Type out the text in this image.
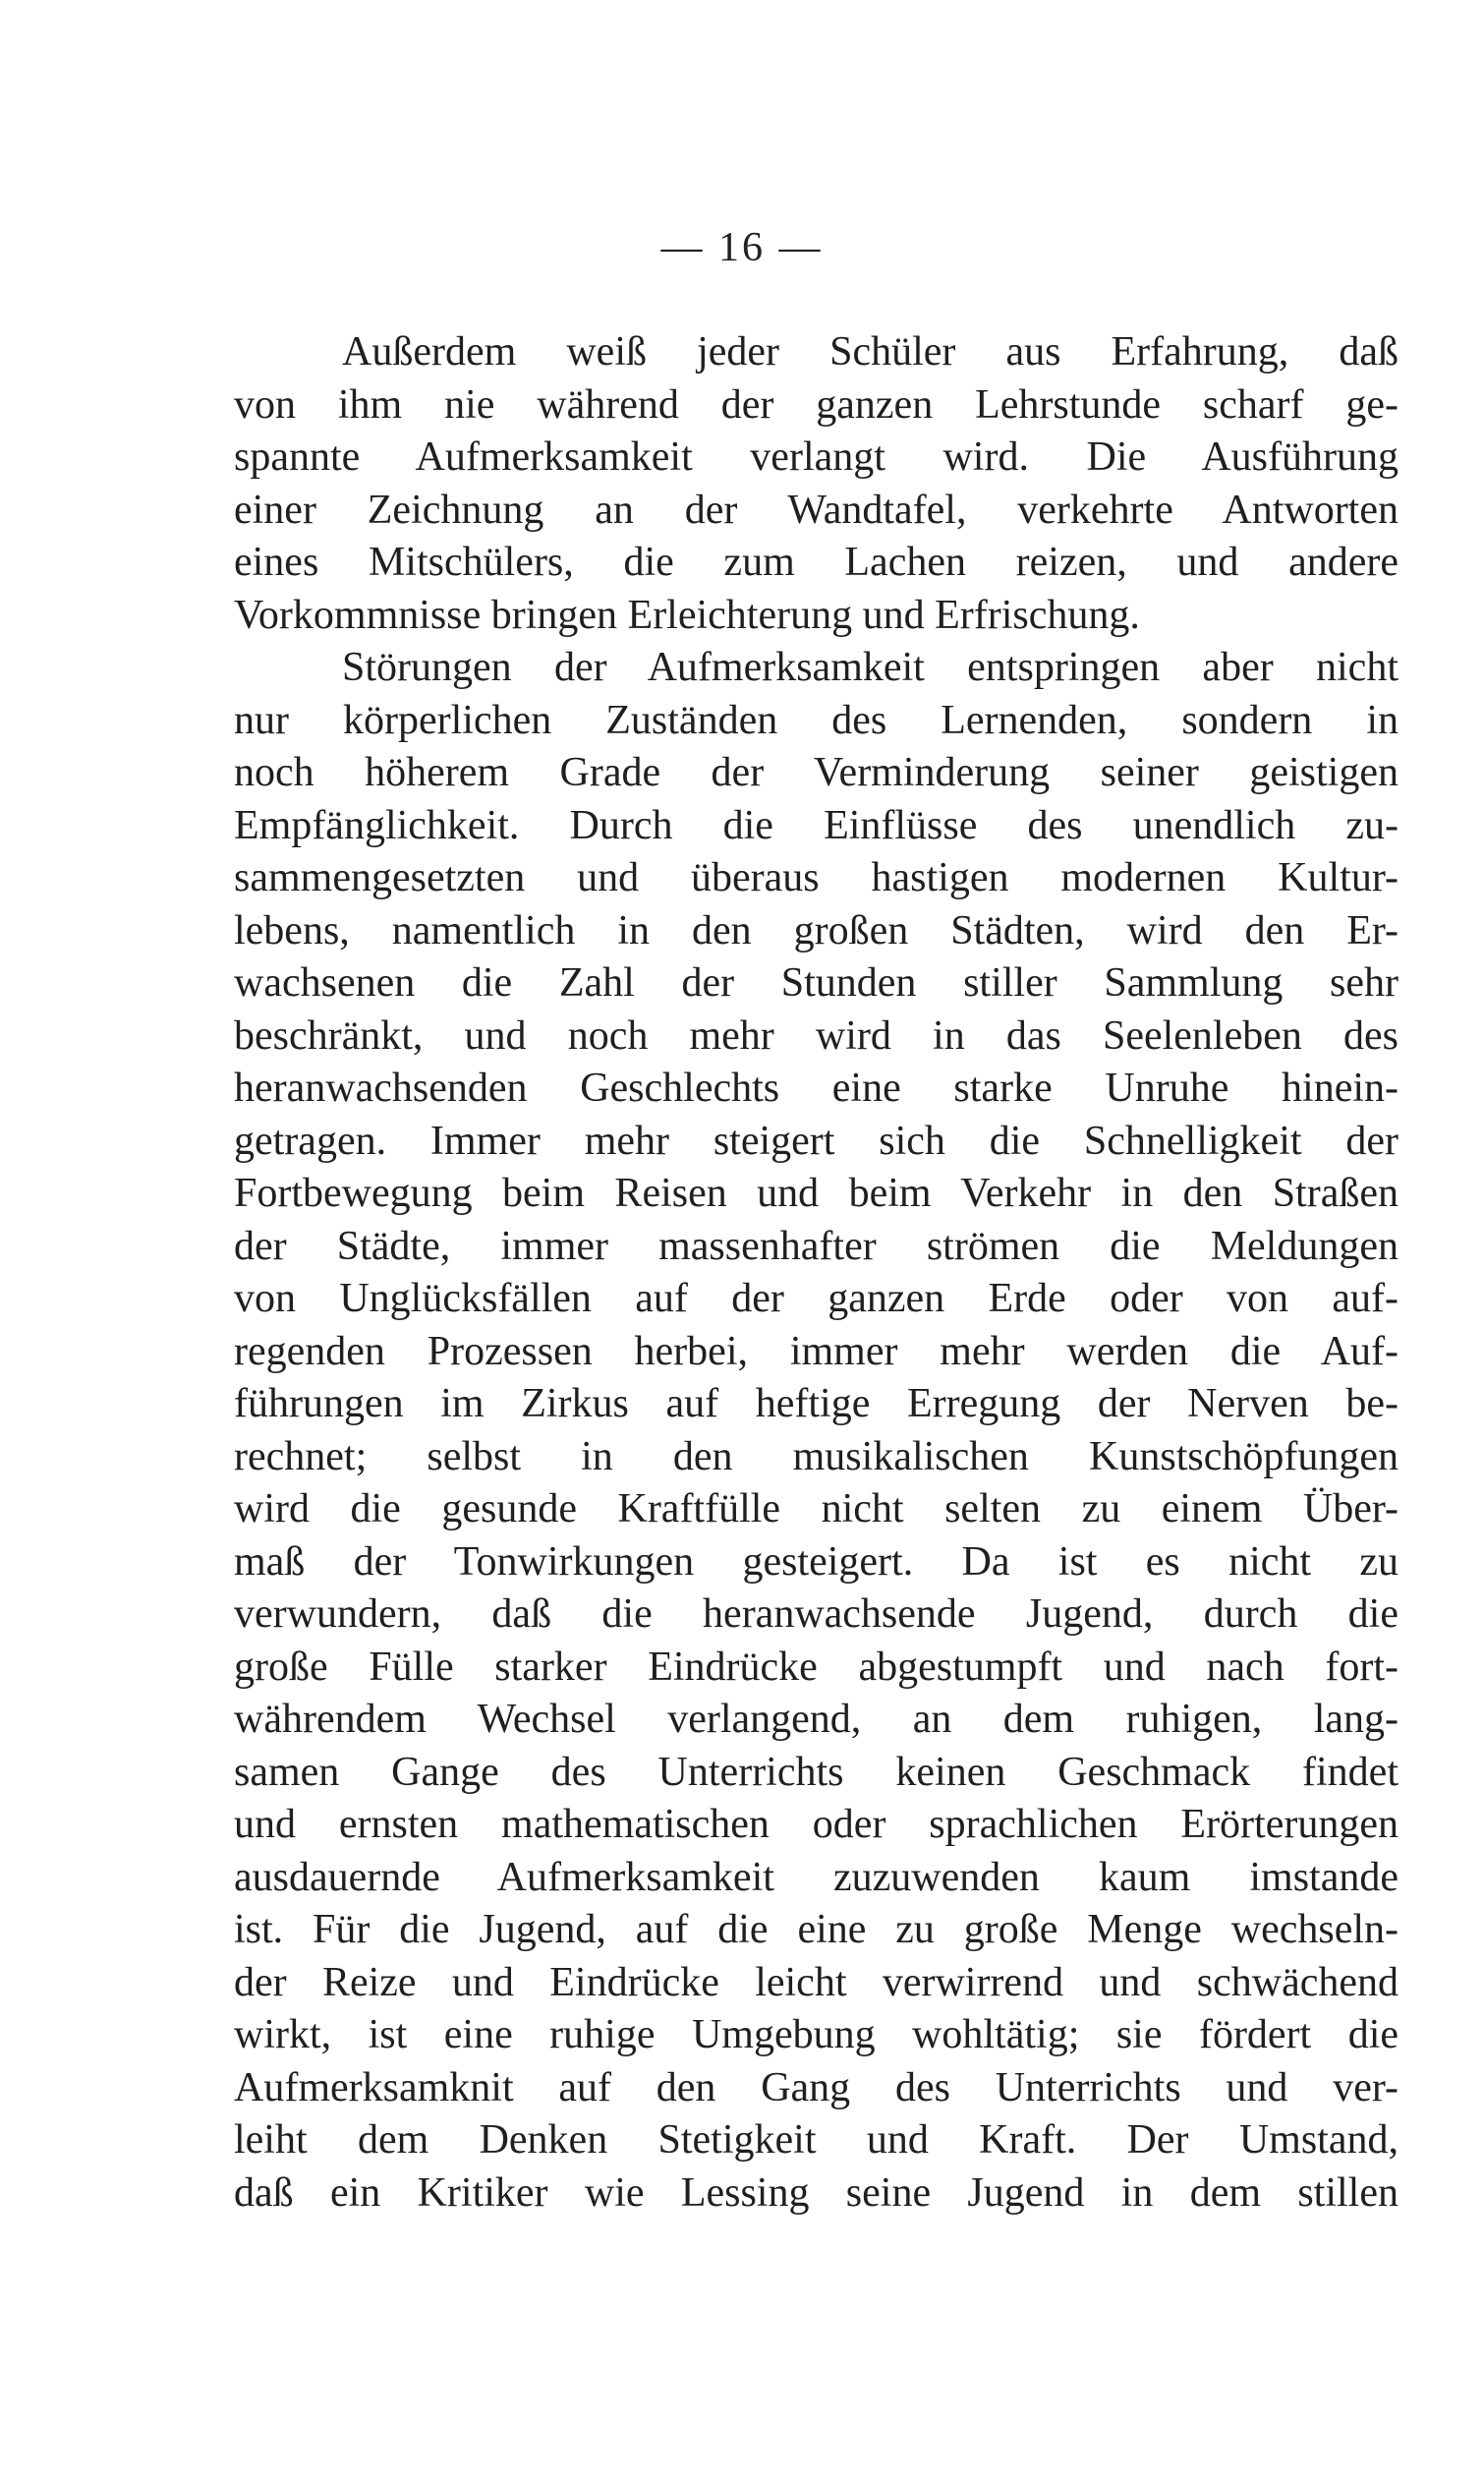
— 16 —
Außerdem weiß jeder Schüler aus Erfahrung, daß
von ihm nie während der ganzen Lehrstunde scharf ge-
spannte Aufmerksamkeit verlangt wird. Die Ausführung
einer Zeichnung an der Wandtafel, verkehrte Antworten
eines Mitschülers, die zum Lachen reizen, und andere
Vorkommnisse bringen Erleichterung und Erfrischung.
Störungen der Aufmerksamkeit entspringen aber nicht
nur körperlichen Zuständen des Lernenden, sondern in
noch höherem Grade der Verminderung seiner geistigen
Empfänglichkeit. Durch die Einflüsse des unendlich zu-
sammengesetzten und überaus hastigen modernen Kultur-
lebens, namentlich in den großen Städten, wird den Er-
wachsenen die Zahl der Stunden stiller Sammlung sehr
beschränkt, und noch mehr wird in das Seelenleben des
heranwachsenden Geschlechts eine starke Unruhe hinein-
getragen. Immer mehr steigert sich die Schnelligkeit der
Fortbewegung beim Reisen und beim Verkehr in den Straßen
der Städte, immer massenhafter strömen die Meldungen
von Unglücksfällen auf der ganzen Erde oder von auf-
regenden Prozessen herbei, immer mehr werden die Auf-
führungen im Zirkus auf heftige Erregung der Nerven be-
rechnet; selbst in den musikalischen Kunstschöpfungen
wird die gesunde Kraftfülle nicht selten zu einem Über-
maß der Tonwirkungen gesteigert. Da ist es nicht zu
verwundern, daß die heranwachsende Jugend, durch die
große Fülle starker Eindrücke abgestumpft und nach fort-
währendem Wechsel verlangend, an dem ruhigen, lang-
samen Gange des Unterrichts keinen Geschmack findet
und ernsten mathematischen oder sprachlichen Erörterungen
ausdauernde Aufmerksamkeit zuzuwenden kaum imstande
ist. Für die Jugend, auf die eine zu große Menge wechseln-
der Reize und Eindrücke leicht verwirrend und schwächend
wirkt, ist eine ruhige Umgebung wohltätig; sie fördert die
Aufmerksamknit auf den Gang des Unterrichts und ver-
leiht dem Denken Stetigkeit und Kraft. Der Umstand,
daß ein Kritiker wie Lessing seine Jugend in dem stillen
